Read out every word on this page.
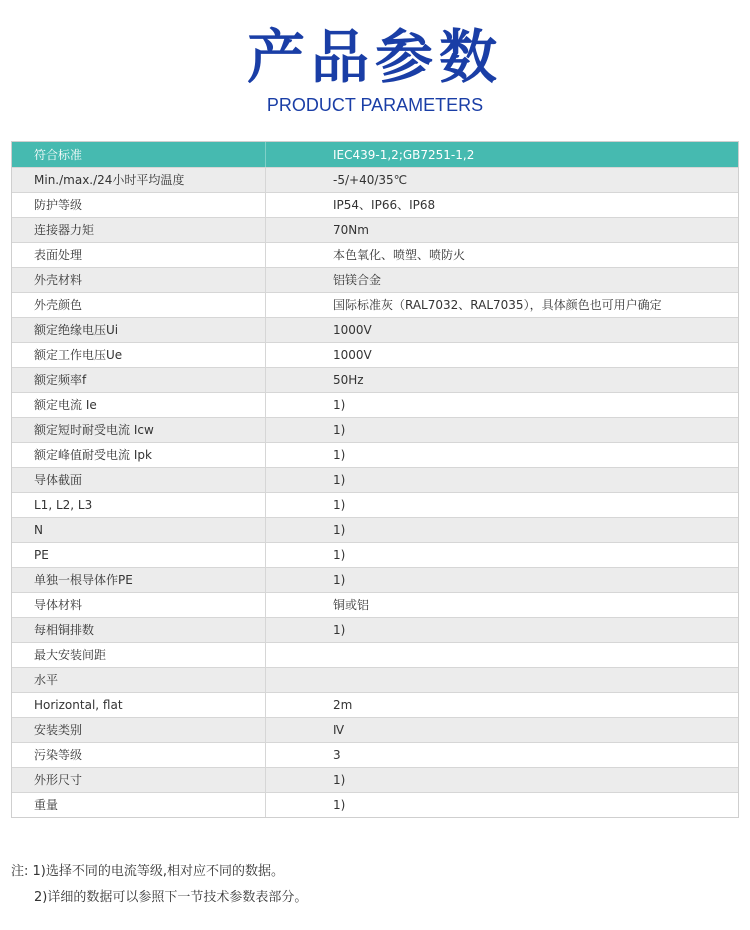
产品参数
PRODUCT PARAMETERS
符合标准	IEC439-1,2;GB7251-1,2
Min./max./24小时平均温度	-5/+40/35℃
防护等级	IP54、IP66、IP68
连接器力矩	70Nm
表面处理	本色氧化、喷塑、喷防火
外壳材料	铝镁合金
外壳颜色	国际标准灰（RAL7032、RAL7035），具体颜色也可用户确定
额定绝缘电压Ui	1000V
额定工作电压Ue	1000V
额定频率f	50Hz
额定电流 Ie	1)
额定短时耐受电流 Icw	1)
额定峰值耐受电流 Ipk	1)
导体截面	1)
L1, L2, L3	1)
N	1)
PE	1)
单独一根导体作PE	1)
导体材料	铜或铝
每相铜排数	1)
最大安装间距	
水平	
Horizontal, flat	2m
安装类别	Ⅳ
污染等级	3
外形尺寸	1)
重量	1)
注: 1)选择不同的电流等级,相对应不同的数据。
2)详细的数据可以参照下一节技术参数表部分。
